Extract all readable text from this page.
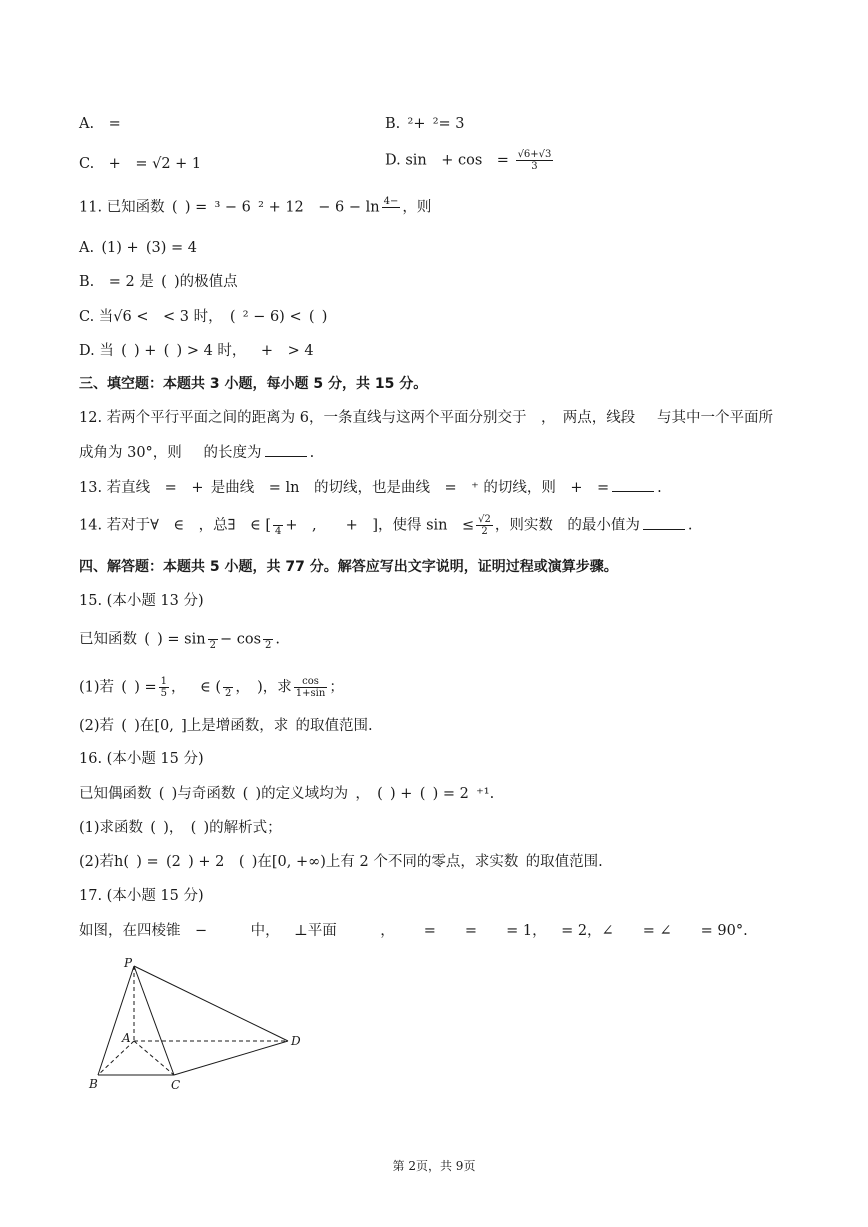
A. =	B. ²+ ²= 3
C. + = √2 + 1	D. sin + cos = $\frac{√6+√3}{3}$
11. 已知函数 ( ) = ³ − 6 ² + 12 − 6 − ln 4−
，则
A. (1) + (3) = 4
B. = 2 是 ( )的极值点
C. 当√6 < < 3 时， ( ² − 6) < ( )
D. 当 ( ) + ( ) > 4 时， + > 4
三、填空题：本题共 3 小题，每小题 5 分，共 15 分。
12. 若两个平行平面之间的距离为 6，一条直线与这两个平面分别交于 ， 两点，线段  与其中一个平面所
成角为 30°，则  的长度为	.
13. 若直线 = + 是曲线 = ln 的切线，也是曲线 = ⁺ 的切线，则 + =	.
14. 若对于∀ ∈ ，总∃ ∈ [
4 + ,  + ]，使得 sin ≤ $\frac{√2}{2}$ ，则实数 的最小值为	.
四、解答题：本题共 5 小题，共 77 分。解答应写出文字说明，证明过程或演算步骤。
15. (本小题 13 分)
已知函数 ( ) = sin
2 − cos
2 .
(1)若 ( ) = $\frac{1}{5}$ ， ∈ (
2 ， )，求 $\frac{\cos}{1+\sin}$ ；
(2)若 ( )在[0, ]上是增函数，求 的取值范围.
16. (本小题 15 分)
已知偶函数 ( )与奇函数 ( )的定义域均为 ， ( ) + ( ) = 2 ⁺¹.
(1)求函数 ( )， ( )的解析式；
(2)若h( ) = (2 ) + 2 ( )在[0, +∞)上有 2 个不同的零点，求实数 的取值范围.
17. (本小题 15 分)
如图，在四棱锥 −   中， ⊥平面   ，  =  =  = 1， = 2，∠  = ∠  = 90°.
P
A
B	C
D
第 2页，共 9页
